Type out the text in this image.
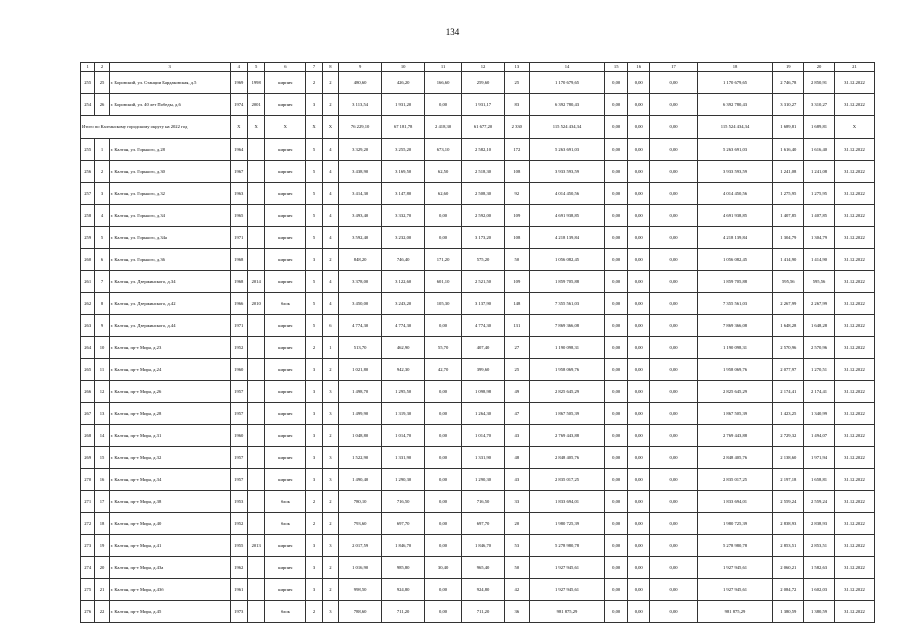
134
1	2	3	4	5	6	7	8	9	10	11	12	13	14	15	16	17	18	19	20	21
255	25	г. Боровский, ул. Станции Бардаковская, д.5	1969	1998	кирпич	2	2	480,60	426,20	166,60	259,60	25	1 170 679,65	0,00	0,00	0,00	1 170 679,65	2 746,78	2 850,91	31.12.2022
254	26	г. Боровский, ул. 40 лет Победы, д.6	1974	2001	кирпич	3	2	3 113,54	1 931,20	0,00	1 931,17	83	6 392 780,43	0,00	0,00	0,00	6 392 780,43	3 310,27	3 310,27	31.12.2022
Итого по Калтанскому городскому округу на 2022 год			X	X	X	X	X	76 229,10	67 181,78	2 418,30	61 677,20	2 330	115 524 434,34	0,00	0,00	0,00	115 524 434,34	1 689,81	1 689,81	X
255	1	г. Калтан, ул. Горького, д.28	1964		кирпич	5	4	3 329,20	3 255,20	673,10	2 582,10	172	5 263 691,03	0,00	0,00	0,00	5 263 691,03	1 616,40	1 616,40	31.12.2022
256	2	г. Калтан, ул. Горького, д.30	1967		кирпич	5	4	3 438,90	3 169,50	62,50	2 518,30	108	3 933 593,59	0,00	0,00	0,00	3 933 593,59	1 241,08	1 241,08	31.12.2022
257	3	г. Калтан, ул. Горького, д.32	1963		кирпич	5	4	3 414,30	3 147,80	62,60	2 508,30	92	4 014 450,56	0,00	0,00	0,00	4 014 450,56	1 275,95	1 275,95	31.12.2022
258	4	г. Калтан, ул. Горького, д.34	1965		кирпич	5	4	3 493,40	3 332,70	0,00	2 592,00	109	4 691 938,85	0,00	0,00	0,00	4 691 938,85	1 407,85	1 407,85	31.12.2022
259	5	г. Калтан, ул. Горького, д.34а	1971		кирпич	5	4	3 592,40	3 232,00	0,00	3 173,20	108	4 218 139,84	0,00	0,00	0,00	4 218 139,84	1 304,79	1 304,79	31.12.2022
260	6	г. Калтан, ул. Горького, д.36	1968		кирпич	3	2	848,20	746,40	171,20	575,20	50	1 056 082,45	0,00	0,00	0,00	1 056 082,45	1 414,90	1 414,90	31.12.2022
261	7	г. Калтан, ул. Дзержинского, д.34	1968	2014	кирпич	5	4	3 378,00	3 122,60	601,10	2 521,50	109	1 859 705,88	0,00	0,00	0,00	1 859 705,88	595,56	595,56	31.12.2022
262	8	г. Калтан, ул. Дзержинского, д.42	1966	2010	блок	5	4	3 450,00	3 243,20	105,30	3 137,90	148	7 355 561,03	0,00	0,00	0,00	7 355 561,03	2 267,99	2 267,99	31.12.2022
263	9	г. Калтан, ул. Дзержинского, д.44	1971		кирпич	5	6	4 774,30	4 774,30	0,00	4 774,30	131	7 869 366,08	0,00	0,00	0,00	7 869 366,08	1 648,28	1 648,28	31.12.2022
264	10	г. Калтан, пр-т Мира, д.23	1952		кирпич	2	1	513,70	462,90	55,70	407,40	27	1 190 098,31	0,00	0,00	0,00	1 190 098,31	2 570,96	2 570,96	31.12.2022
265	11	г. Калтан, пр-т Мира, д.24	1960		кирпич	3	2	1 021,80	942,30	42,70	399,60	25	1 958 069,76	0,00	0,00	0,00	1 958 069,76	2 077,97	1 270,51	31.12.2022
266	12	г. Калтан, пр-т Мира, д.26	1957		кирпич	3	3	1 498,70	1 295,50	0,00	1 098,98	49	2 825 645,29	0,00	0,00	0,00	2 825 645,29	2 174,41	2 174,41	31.12.2022
267	13	г. Калтан, пр-т Мира, д.28	1957		кирпич	3	3	1 499,90	1 319,30	0,00	1 264,30	47	1 867 505,39	0,00	0,00	0,00	1 867 505,39	1 423,25	1 340,99	31.12.2022
268	14	г. Калтан, пр-т Мира, д.31	1960		кирпич	3	2	1 048,80	1 014,70	0,00	1 014,70	43	2 769 443,88	0,00	0,00	0,00	2 769 443,88	2 729,32	1 494,07	31.12.2022
269	15	г. Калтан, пр-т Мира, д.32	1957		кирпич	3	3	1 522,90	1 331,90	0,00	1 331,90	48	2 848 405,76	0,00	0,00	0,00	2 848 405,76	2 138,60	1 971,94	31.12.2022
270	16	г. Калтан, пр-т Мира, д.34	1957		кирпич	3	3	1 490,40	1 290,30	0,00	1 290,30	43	2 835 017,25	0,00	0,00	0,00	2 835 017,25	2 197,18	1 658,81	31.12.2022
271	17	г. Калтан, пр-т Мира, д.38	1953		блок	2	2	780,10	716,50	0,00	716,50	33	1 833 694,01	0,00	0,00	0,00	1 833 694,01	2 559,24	2 559,24	31.12.2022
272	18	г. Калтан, пр-т Мира, д.40	1952		блок	2	2	793,60	697,70	0,00	697,70	20	1 980 725,39	0,00	0,00	0,00	1 980 725,39	2 838,93	2 838,93	31.12.2022
273	19	г. Калтан, пр-т Мира, д.41	1955	2013	кирпич	3	3	2 017,59	1 846,70	0,00	1 846,70	53	5 278 980,78	0,00	0,00	0,00	5 278 980,78	2 853,51	2 853,51	31.12.2022
274	20	г. Калтан, пр-т Мира, д.43а	1962		кирпич	3	2	1 016,90	985,80	30,40	965,40	50	1 927 945,61	0,00	0,00	0,00	1 927 945,61	2 060,21	1 582,63	31.12.2022
275	21	г. Калтан, пр-т Мира, д.43б	1961		кирпич	3	2	998,50	924,80	0,00	924,80	42	1 927 945,61	0,00	0,00	0,00	1 927 945,61	2 084,72	1 602,03	31.12.2022
276	22	г. Калтан, пр-т Мира, д.45	1973		блок	2	3	788,60	711,20	0,00	711,20	36	981 875,29	0,00	0,00	0,00	981 875,29	1 380,59	1 380,59	31.12.2022
